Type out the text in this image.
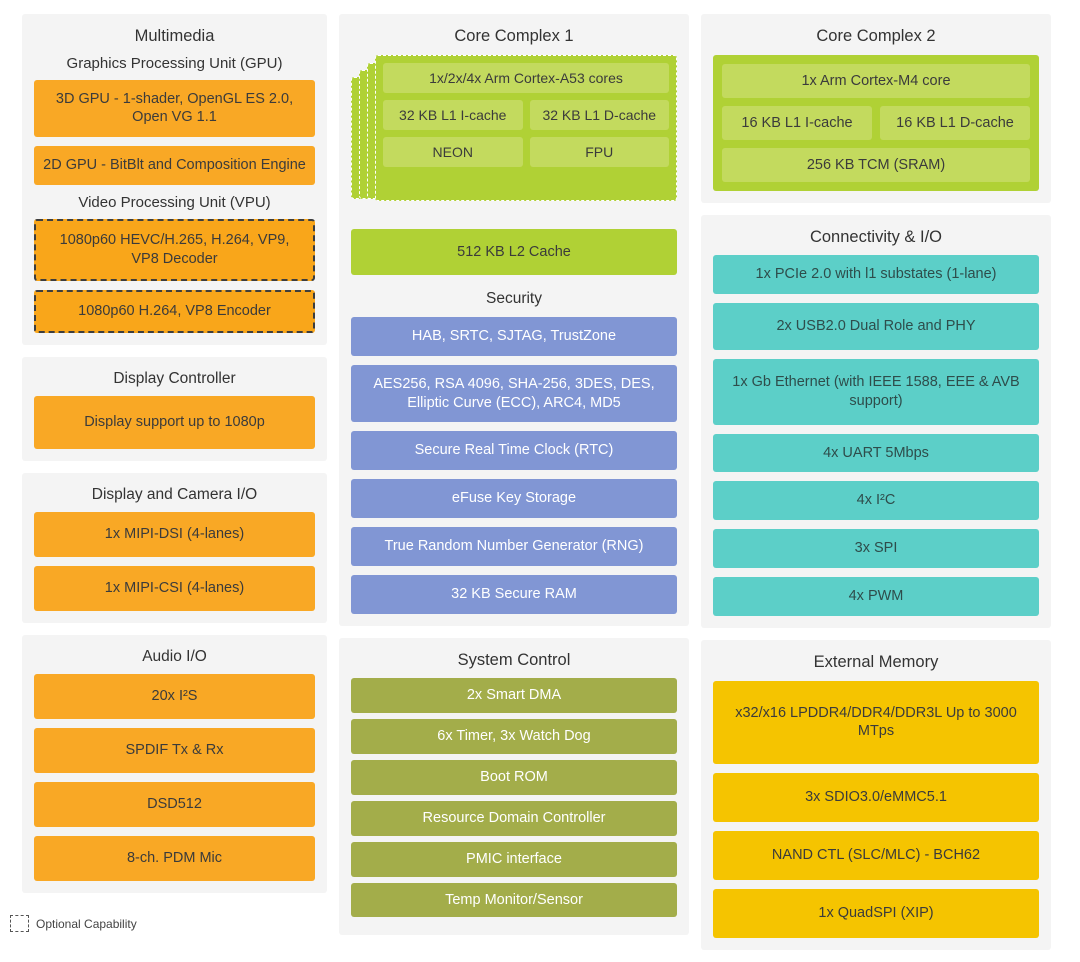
Multimedia
Graphics Processing Unit (GPU)
3D GPU - 1-shader, OpenGL ES 2.0, Open VG 1.1
2D GPU - BitBlt and Composition Engine
Video Processing Unit (VPU)
1080p60 HEVC/H.265, H.264, VP9, VP8 Decoder
1080p60 H.264, VP8 Encoder
Display Controller
Display support up to 1080p
Display and Camera I/O
1x MIPI-DSI (4-lanes)
1x MIPI-CSI (4-lanes)
Audio I/O
20x I²S
SPDIF Tx & Rx
DSD512
8-ch. PDM Mic
Core Complex 1
1x/2x/4x Arm Cortex-A53 cores
32 KB L1 I-cache	32 KB L1 D-cache
NEON	FPU
512 KB L2 Cache
Security
HAB, SRTC, SJTAG, TrustZone
AES256, RSA 4096, SHA-256, 3DES, DES, Elliptic Curve (ECC), ARC4, MD5
Secure Real Time Clock (RTC)
eFuse Key Storage
True Random Number Generator (RNG)
32 KB Secure RAM
System Control
2x Smart DMA
6x Timer, 3x Watch Dog
Boot ROM
Resource Domain Controller
PMIC interface
Temp Monitor/Sensor
Core Complex 2
1x Arm Cortex-M4 core
16 KB L1 I-cache	16 KB L1 D-cache
256 KB TCM (SRAM)
Connectivity & I/O
1x PCIe 2.0 with l1 substates (1-lane)
2x USB2.0 Dual Role and PHY
1x Gb Ethernet (with IEEE 1588, EEE & AVB support)
4x UART 5Mbps
4x I²C
3x SPI
4x PWM
External Memory
x32/x16 LPDDR4/DDR4/DDR3L Up to 3000 MTps
3x SDIO3.0/eMMC5.1
NAND CTL (SLC/MLC) - BCH62
1x QuadSPI (XIP)
Optional Capability
